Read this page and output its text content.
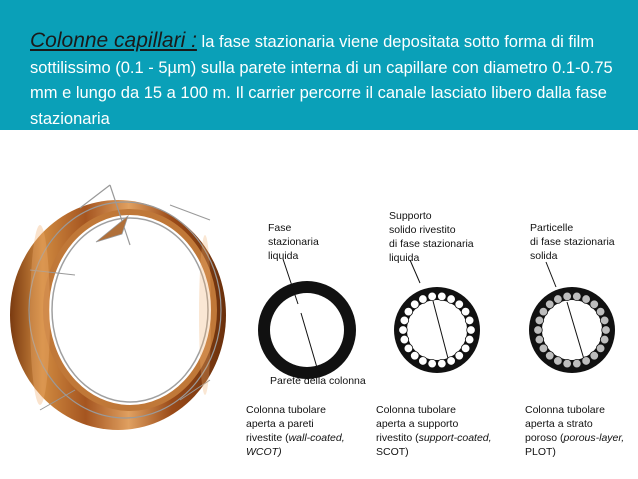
Colonne capillari : la fase stazionaria viene depositata sotto forma di film sottilissimo (0.1 - 5µm) sulla parete interna di un capillare con diametro 0.1-0.75 mm e lungo da 15 a 100 m. Il carrier percorre il canale lasciato libero dalla fase stazionaria
Fase
stazionaria
liquida
Supporto
solido rivestito
di fase stazionaria
liquida
Particelle
di fase stazionaria
solida
Parete della colonna
Colonna tubolare
aperta a pareti
rivestite (wall-coated,
WCOT)
Colonna tubolare
aperta a supporto
rivestito (support-coated,
SCOT)
Colonna tubolare
aperta a strato
poroso (porous-layer,
PLOT)
